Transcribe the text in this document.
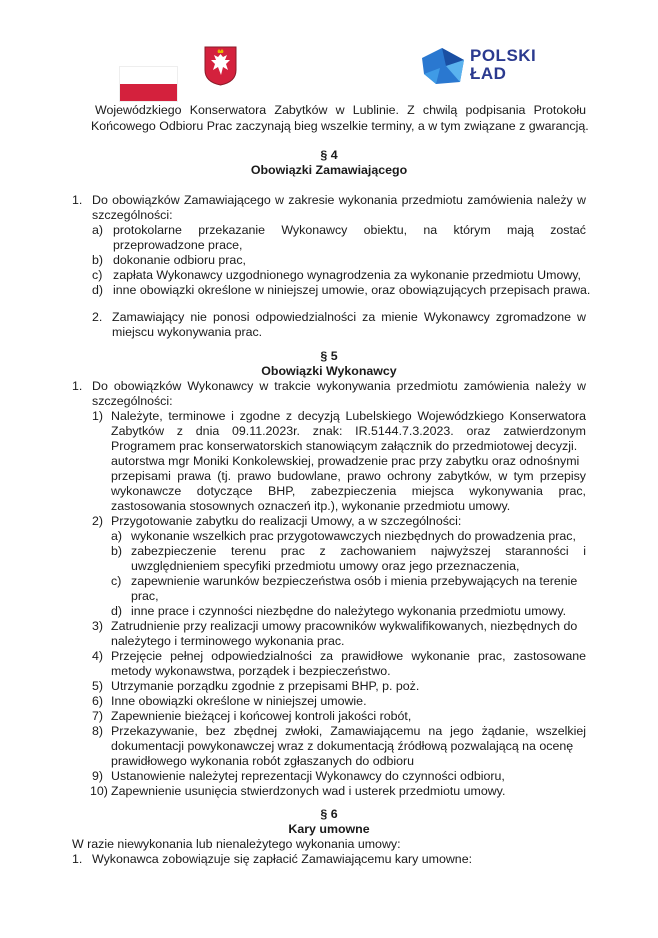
POLSKI
ŁAD
Wojewódzkiego Konserwatora Zabytków w Lublinie. Z chwilą podpisania Protokołu
Końcowego Odbioru Prac zaczynają bieg wszelkie terminy, a w tym związane z gwarancją.
§ 4
Obowiązki Zamawiającego
1. Do obowiązków Zamawiającego w zakresie wykonania przedmiotu zamówienia należy w
szczególności:
a) protokolarne przekazanie Wykonawcy obiektu, na którym mają zostać
przeprowadzone prace,
b) dokonanie odbioru prac,
c) zapłata Wykonawcy uzgodnionego wynagrodzenia za wykonanie przedmiotu Umowy,
d) inne obowiązki określone w niniejszej umowie, oraz obowiązujących przepisach prawa.
2. Zamawiający nie ponosi odpowiedzialności za mienie Wykonawcy zgromadzone w
miejscu wykonywania prac.
§ 5
Obowiązki Wykonawcy
1. Do obowiązków Wykonawcy w trakcie wykonywania przedmiotu zamówienia należy w
szczególności:
1) Należyte, terminowe i zgodne z decyzją Lubelskiego Wojewódzkiego Konserwatora
Zabytków z dnia 09.11.2023r. znak: IR.5144.7.3.2023. oraz zatwierdzonym
Programem prac konserwatorskich stanowiącym załącznik do przedmiotowej decyzji.
autorstwa mgr Moniki Konkolewskiej, prowadzenie prac przy zabytku oraz odnośnymi
przepisami prawa (tj. prawo budowlane, prawo ochrony zabytków, w tym przepisy
wykonawcze dotyczące BHP, zabezpieczenia miejsca wykonywania prac,
zastosowania stosownych oznaczeń itp.), wykonanie przedmiotu umowy.
2) Przygotowanie zabytku do realizacji Umowy, a w szczególności:
a) wykonanie wszelkich prac przygotowawczych niezbędnych do prowadzenia prac,
b) zabezpieczenie terenu prac z zachowaniem najwyższej staranności i
uwzględnieniem specyfiki przedmiotu umowy oraz jego przeznaczenia,
c) zapewnienie warunków bezpieczeństwa osób i mienia przebywających na terenie
prac,
d) inne prace i czynności niezbędne do należytego wykonania przedmiotu umowy.
3) Zatrudnienie przy realizacji umowy pracowników wykwalifikowanych, niezbędnych do
należytego i terminowego wykonania prac.
4) Przejęcie pełnej odpowiedzialności za prawidłowe wykonanie prac, zastosowane
metody wykonawstwa, porządek i bezpieczeństwo.
5) Utrzymanie porządku zgodnie z przepisami BHP, p. poż.
6) Inne obowiązki określone w niniejszej umowie.
7) Zapewnienie bieżącej i końcowej kontroli jakości robót,
8) Przekazywanie, bez zbędnej zwłoki, Zamawiającemu na jego żądanie, wszelkiej
dokumentacji powykonawczej wraz z dokumentacją źródłową pozwalającą na ocenę
prawidłowego wykonania robót zgłaszanych do odbioru
9) Ustanowienie należytej reprezentacji Wykonawcy do czynności odbioru,
10) Zapewnienie usunięcia stwierdzonych wad i usterek przedmiotu umowy.
§ 6
Kary umowne
W razie niewykonania lub nienależytego wykonania umowy:
1. Wykonawca zobowiązuje się zapłacić Zamawiającemu kary umowne:
